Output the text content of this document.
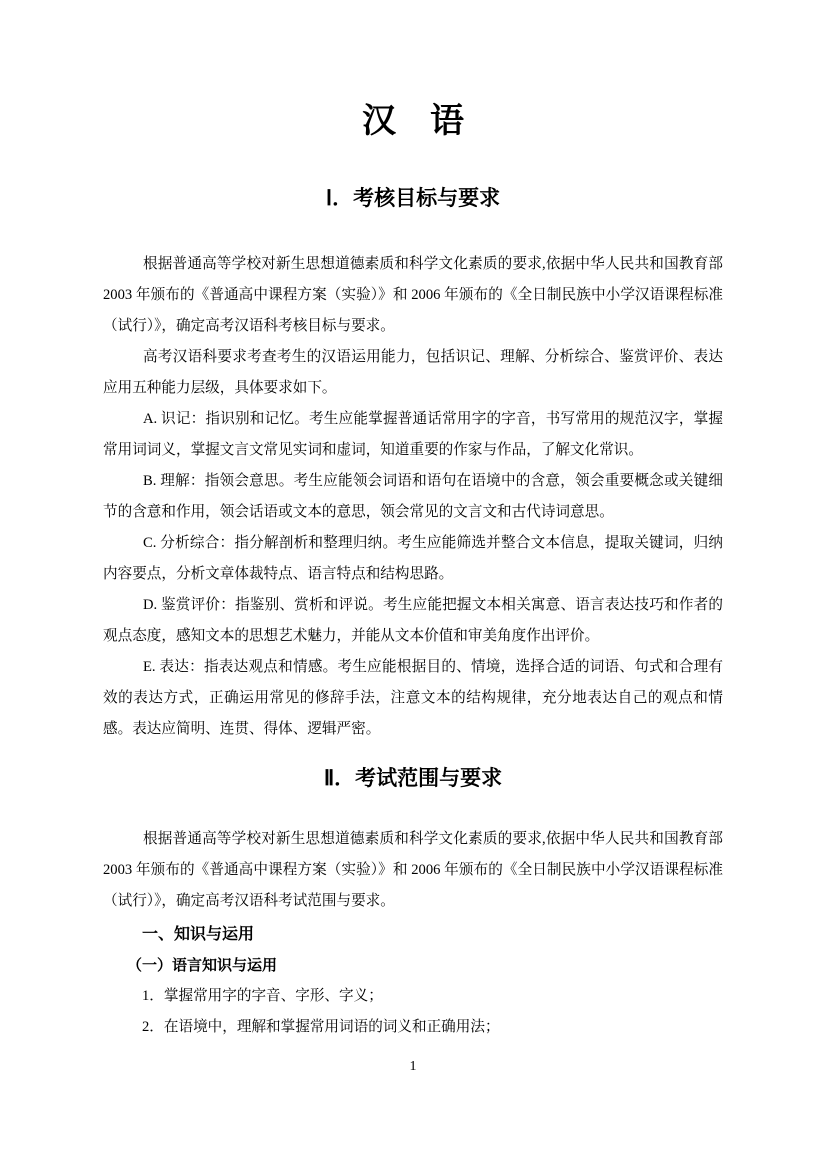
汉　语
Ⅰ．考核目标与要求

根据普通高等学校对新生思想道德素质和科学文化素质的要求,依据中华人民共和国教育部 2003 年颁布的《普通高中课程方案（实验）》和 2006 年颁布的《全日制民族中小学汉语课程标准（试行）》，确定高考汉语科考核目标与要求。

高考汉语科要求考查考生的汉语运用能力，包括识记、理解、分析综合、鉴赏评价、表达应用五种能力层级，具体要求如下。

A. 识记：指识别和记忆。考生应能掌握普通话常用字的字音，书写常用的规范汉字，掌握常用词词义，掌握文言文常见实词和虚词，知道重要的作家与作品，了解文化常识。

B. 理解：指领会意思。考生应能领会词语和语句在语境中的含意，领会重要概念或关键细节的含意和作用，领会话语或文本的意思，领会常见的文言文和古代诗词意思。

C. 分析综合：指分解剖析和整理归纳。考生应能筛选并整合文本信息，提取关键词，归纳内容要点，分析文章体裁特点、语言特点和结构思路。

D. 鉴赏评价：指鉴别、赏析和评说。考生应能把握文本相关寓意、语言表达技巧和作者的观点态度，感知文本的思想艺术魅力，并能从文本价值和审美角度作出评价。

E. 表达：指表达观点和情感。考生应能根据目的、情境，选择合适的词语、句式和合理有效的表达方式，正确运用常见的修辞手法，注意文本的结构规律，充分地表达自己的观点和情感。表达应简明、连贯、得体、逻辑严密。

Ⅱ．考试范围与要求

根据普通高等学校对新生思想道德素质和科学文化素质的要求,依据中华人民共和国教育部 2003 年颁布的《普通高中课程方案（实验）》和 2006 年颁布的《全日制民族中小学汉语课程标准（试行）》，确定高考汉语科考试范围与要求。

一、知识与运用

（一）语言知识与运用

1．掌握常用字的字音、字形、字义；

2．在语境中，理解和掌握常用词语的词义和正确用法；

1
